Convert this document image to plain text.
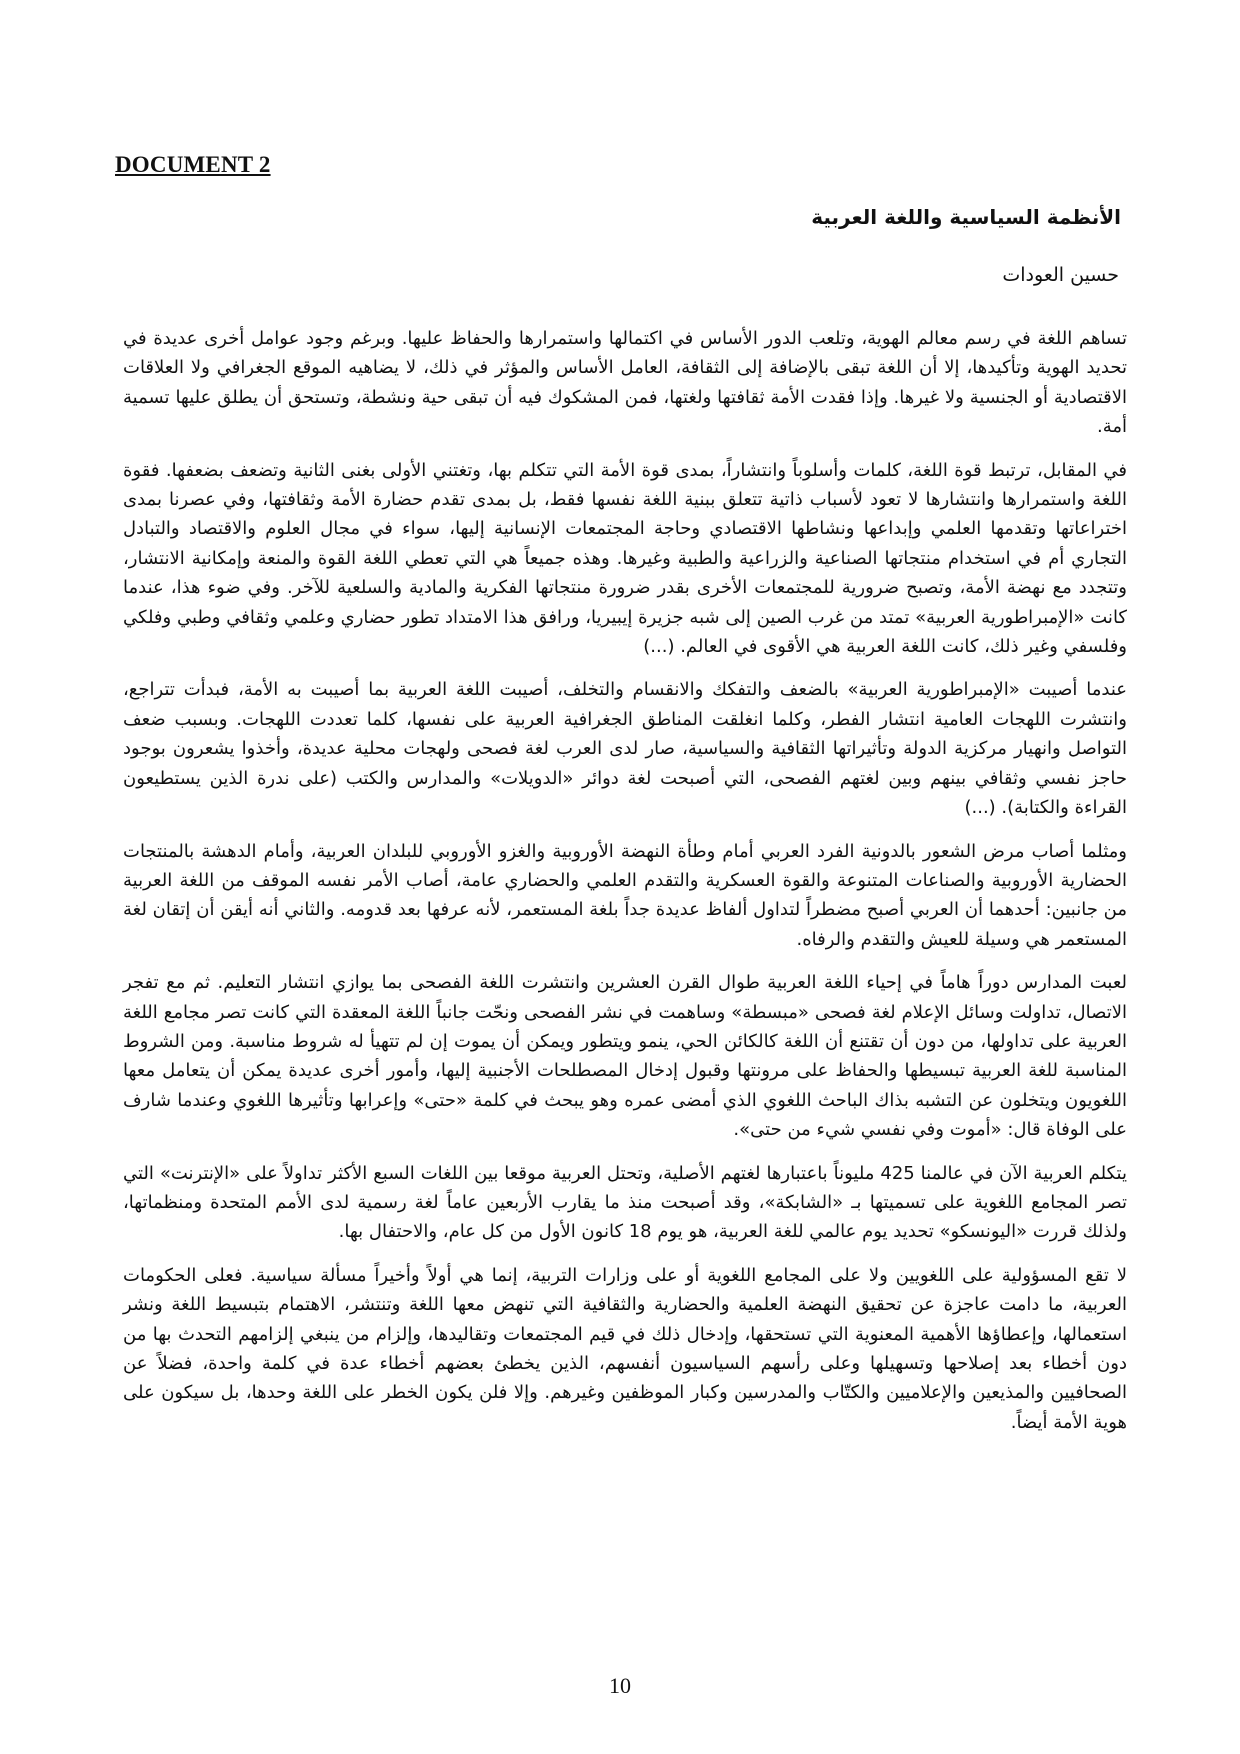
DOCUMENT 2
الأنظمة السياسية واللغة العربية
حسين العودات

تساهم اللغة في رسم معالم الهوية، وتلعب الدور الأساس في اكتمالها واستمرارها والحفاظ عليها. وبرغم وجود عوامل أخرى عديدة في تحديد الهوية وتأكيدها، إلا أن اللغة تبقى بالإضافة إلى الثقافة، العامل الأساس والمؤثر في ذلك، لا يضاهيه الموقع الجغرافي ولا العلاقات الاقتصادية أو الجنسية ولا غيرها. وإذا فقدت الأمة ثقافتها ولغتها، فمن المشكوك فيه أن تبقى حية ونشطة، وتستحق أن يطلق عليها تسمية أمة.

في المقابل، ترتبط قوة اللغة، كلمات وأسلوباً وانتشاراً، بمدى قوة الأمة التي تتكلم بها، وتغتني الأولى بغنى الثانية وتضعف بضعفها. فقوة اللغة واستمرارها وانتشارها لا تعود لأسباب ذاتية تتعلق ببنية اللغة نفسها فقط، بل بمدى تقدم حضارة الأمة وثقافتها، وفي عصرنا بمدى اختراعاتها وتقدمها العلمي وإبداعها ونشاطها الاقتصادي وحاجة المجتمعات الإنسانية إليها، سواء في مجال العلوم والاقتصاد والتبادل التجاري أم في استخدام منتجاتها الصناعية والزراعية والطبية وغيرها. وهذه جميعاً هي التي تعطي اللغة القوة والمنعة وإمكانية الانتشار، وتتجدد مع نهضة الأمة، وتصبح ضرورية للمجتمعات الأخرى بقدر ضرورة منتجاتها الفكرية والمادية والسلعية للآخر. وفي ضوء هذا، عندما كانت «الإمبراطورية العربية» تمتد من غرب الصين إلى شبه جزيرة إيبيريا، ورافق هذا الامتداد تطور حضاري وعلمي وثقافي وطبي وفلكي وفلسفي وغير ذلك، كانت اللغة العربية هي الأقوى في العالم. (...)

عندما أصيبت «الإمبراطورية العربية» بالضعف والتفكك والانقسام والتخلف، أصيبت اللغة العربية بما أصيبت به الأمة، فبدأت تتراجع، وانتشرت اللهجات العامية انتشار الفطر، وكلما انغلقت المناطق الجغرافية العربية على نفسها، كلما تعددت اللهجات. وبسبب ضعف التواصل وانهيار مركزية الدولة وتأثيراتها الثقافية والسياسية، صار لدى العرب لغة فصحى ولهجات محلية عديدة، وأخذوا يشعرون بوجود حاجز نفسي وثقافي بينهم وبين لغتهم الفصحى، التي أصبحت لغة دوائر «الدويلات» والمدارس والكتب (على ندرة الذين يستطيعون القراءة والكتابة). (...)

ومثلما أصاب مرض الشعور بالدونية الفرد العربي أمام وطأة النهضة الأوروبية والغزو الأوروبي للبلدان العربية، وأمام الدهشة بالمنتجات الحضارية الأوروبية والصناعات المتنوعة والقوة العسكرية والتقدم العلمي والحضاري عامة، أصاب الأمر نفسه الموقف من اللغة العربية من جانبين: أحدهما أن العربي أصبح مضطراً لتداول ألفاظ عديدة جداً بلغة المستعمر، لأنه عرفها بعد قدومه. والثاني أنه أيقن أن إتقان لغة المستعمر هي وسيلة للعيش والتقدم والرفاه.

لعبت المدارس دوراً هاماً في إحياء اللغة العربية طوال القرن العشرين وانتشرت اللغة الفصحى بما يوازي انتشار التعليم. ثم مع تفجر الاتصال، تداولت وسائل الإعلام لغة فصحى «مبسطة» وساهمت في نشر الفصحى ونحّت جانباً اللغة المعقدة التي كانت تصر مجامع اللغة العربية على تداولها، من دون أن تقتنع أن اللغة كالكائن الحي، ينمو ويتطور ويمكن أن يموت إن لم تتهيأ له شروط مناسبة. ومن الشروط المناسبة للغة العربية تبسيطها والحفاظ على مرونتها وقبول إدخال المصطلحات الأجنبية إليها، وأمور أخرى عديدة يمكن أن يتعامل معها اللغويون ويتخلون عن التشبه بذاك الباحث اللغوي الذي أمضى عمره وهو يبحث في كلمة «حتى» وإعرابها وتأثيرها اللغوي وعندما شارف على الوفاة قال: «أموت وفي نفسي شيء من حتى».

يتكلم العربية الآن في عالمنا 425 مليوناً باعتبارها لغتهم الأصلية، وتحتل العربية موقعا بين اللغات السبع الأكثر تداولاً على «الإنترنت» التي تصر المجامع اللغوية على تسميتها بـ «الشابكة»، وقد أصبحت منذ ما يقارب الأربعين عاماً لغة رسمية لدى الأمم المتحدة ومنظماتها، ولذلك قررت «اليونسكو» تحديد يوم عالمي للغة العربية، هو يوم 18 كانون الأول من كل عام، والاحتفال بها.

لا تقع المسؤولية على اللغويين ولا على المجامع اللغوية أو على وزارات التربية، إنما هي أولاً وأخيراً مسألة سياسية. فعلى الحكومات العربية، ما دامت عاجزة عن تحقيق النهضة العلمية والحضارية والثقافية التي تنهض معها اللغة وتنتشر، الاهتمام بتبسيط اللغة ونشر استعمالها، وإعطاؤها الأهمية المعنوية التي تستحقها، وإدخال ذلك في قيم المجتمعات وتقاليدها، وإلزام من ينبغي إلزامهم التحدث بها من دون أخطاء بعد إصلاحها وتسهيلها وعلى رأسهم السياسيون أنفسهم، الذين يخطئ بعضهم أخطاء عدة في كلمة واحدة، فضلاً عن الصحافيين والمذيعين والإعلاميين والكتّاب والمدرسين وكبار الموظفين وغيرهم. وإلا فلن يكون الخطر على اللغة وحدها، بل سيكون على هوية الأمة أيضاً.

10
